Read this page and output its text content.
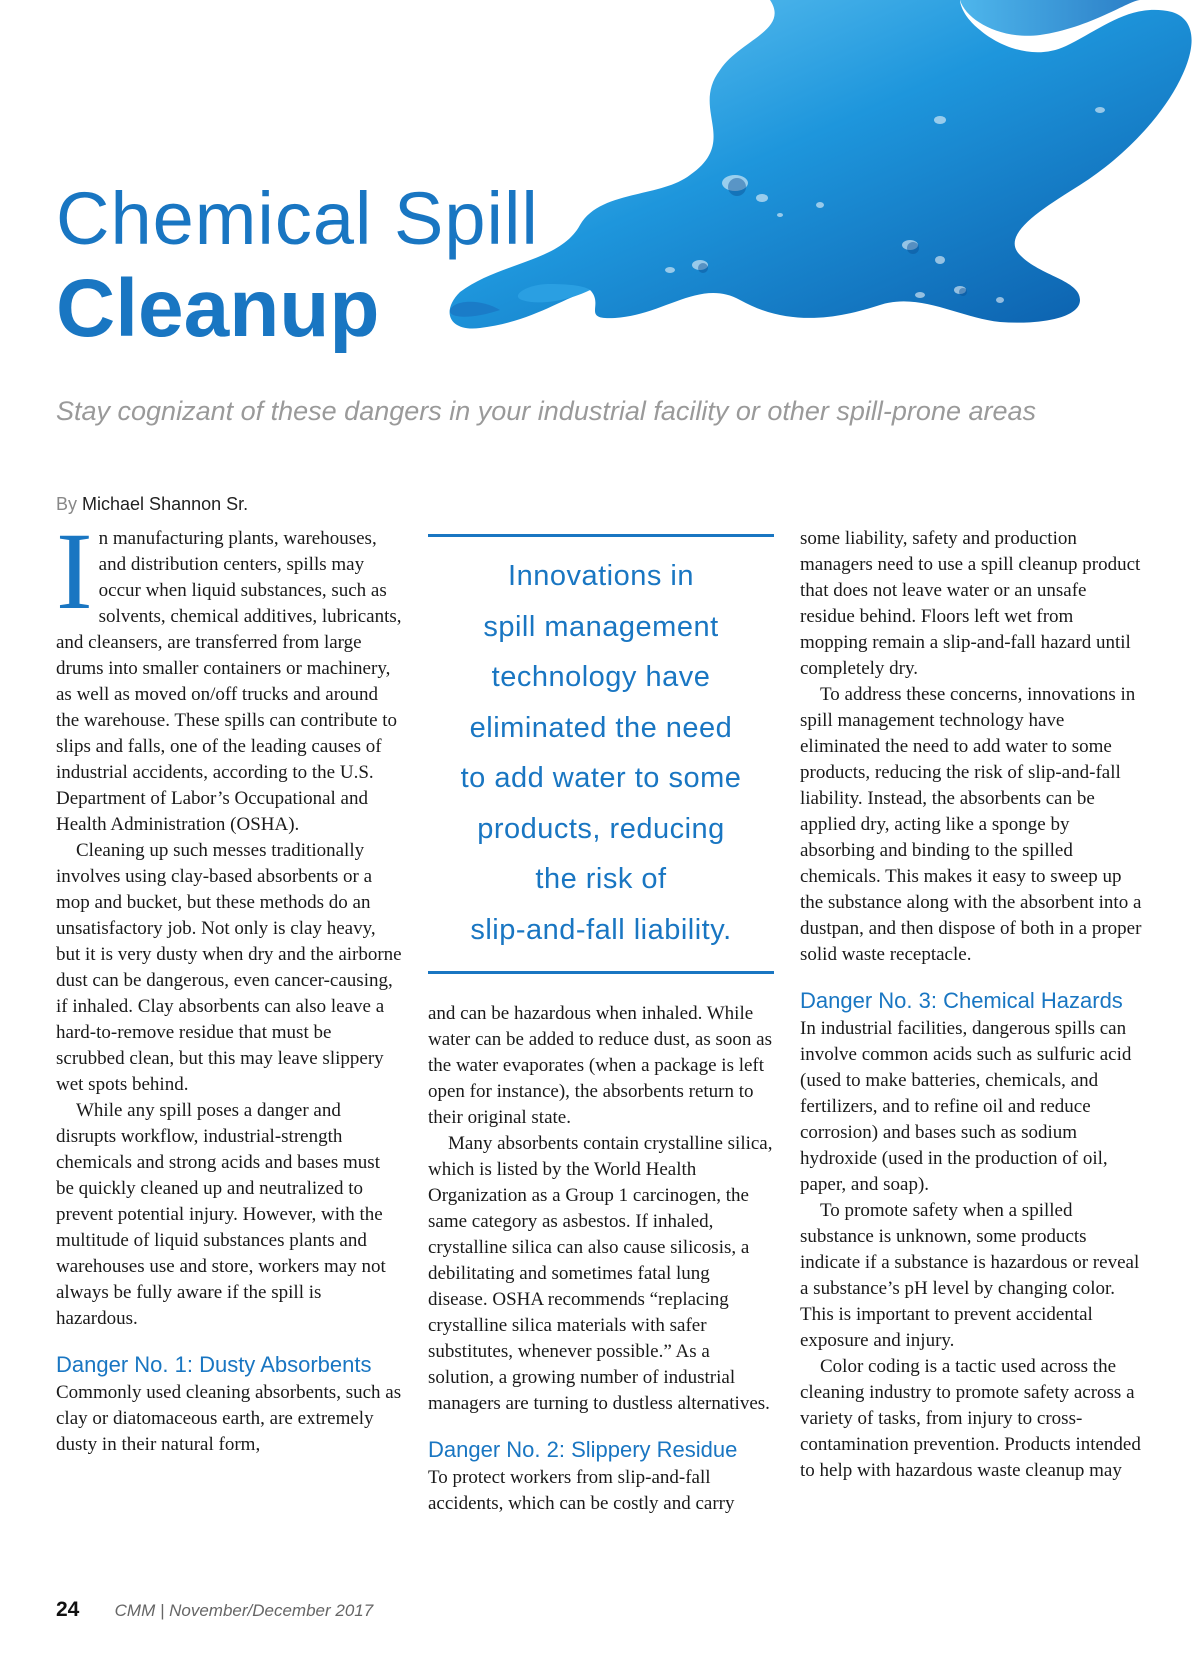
Chemical Spill
Cleanup

Stay cognizant of these dangers in your industrial facility or other spill-prone areas

By Michael Shannon Sr.
I n manufacturing plants, warehouses, and distribution centers, spills may occur when liquid substances, such as solvents, chemical additives, lubricants, and cleansers, are transferred from large drums into smaller containers or machinery, as well as moved on/off trucks and around the warehouse. These spills can contribute to slips and falls, one of the leading causes of industrial accidents, according to the U.S. Department of Labor’s Occupational and Health Administration (OSHA).

Cleaning up such messes traditionally involves using clay-based absorbents or a mop and bucket, but these methods do an unsatisfactory job. Not only is clay heavy, but it is very dusty when dry and the airborne dust can be dangerous, even cancer-causing, if inhaled. Clay absorbents can also leave a hard-to-remove residue that must be scrubbed clean, but this may leave slippery wet spots behind.

While any spill poses a danger and disrupts workflow, industrial-strength chemicals and strong acids and bases must be quickly cleaned up and neutralized to prevent potential injury. However, with the multitude of liquid substances plants and warehouses use and store, workers may not always be fully aware if the spill is hazardous.

Danger No. 1: Dusty Absorbents

Commonly used cleaning absorbents, such as clay or diatomaceous earth, are extremely dusty in their natural form,

Innovations in
spill management
technology have
eliminated the need
to add water to some
products, reducing
the risk of
slip-and-fall liability.

and can be hazardous when inhaled. While water can be added to reduce dust, as soon as the water evaporates (when a package is left open for instance), the absorbents return to their original state.

Many absorbents contain crystalline silica, which is listed by the World Health Organization as a Group 1 carcinogen, the same category as asbestos. If inhaled, crystalline silica can also cause silicosis, a debilitating and sometimes fatal lung disease. OSHA recommends “replacing crystalline silica materials with safer substitutes, whenever possible.” As a solution, a growing number of industrial managers are turning to dustless alternatives.

Danger No. 2: Slippery Residue

To protect workers from slip-and-fall accidents, which can be costly and carry

some liability, safety and production managers need to use a spill cleanup product that does not leave water or an unsafe residue behind. Floors left wet from mopping remain a slip-and-fall hazard until completely dry.

To address these concerns, innovations in spill management technology have eliminated the need to add water to some products, reducing the risk of slip-and-fall liability. Instead, the absorbents can be applied dry, acting like a sponge by absorbing and binding to the spilled chemicals. This makes it easy to sweep up the substance along with the absorbent into a dustpan, and then dispose of both in a proper solid waste receptacle.

Danger No. 3: Chemical Hazards

In industrial facilities, dangerous spills can involve common acids such as sulfuric acid (used to make batteries, chemicals, and fertilizers, and to refine oil and reduce corrosion) and bases such as sodium hydroxide (used in the production of oil, paper, and soap).

To promote safety when a spilled substance is unknown, some products indicate if a substance is hazardous or reveal a substance’s pH level by changing color. This is important to prevent accidental exposure and injury.

Color coding is a tactic used across the cleaning industry to promote safety across a variety of tasks, from injury to cross-contamination prevention. Products intended to help with hazardous waste cleanup may

24 CMM | November/December 2017
